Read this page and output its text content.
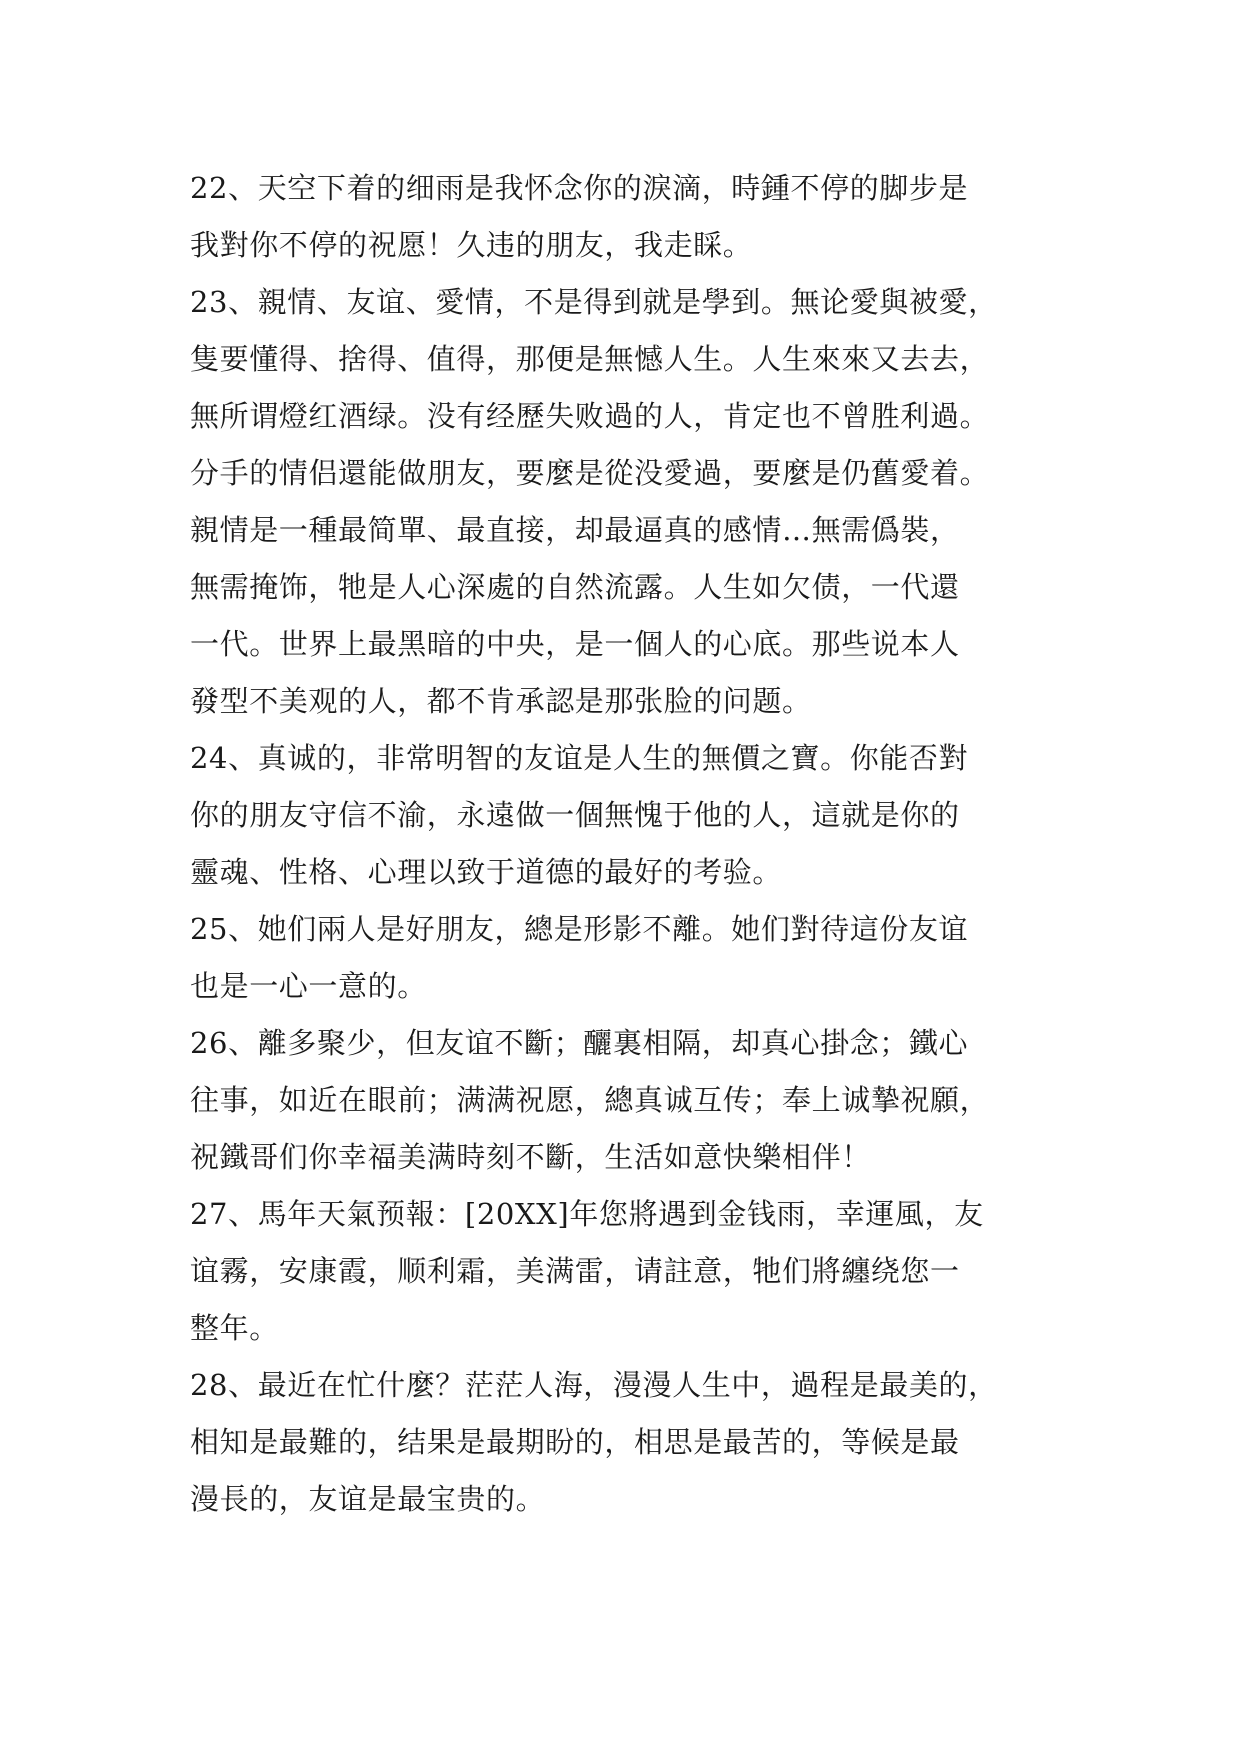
22、天空下着的细雨是我怀念你的淚滴，時鍾不停的脚步是
我對你不停的祝愿！久违的朋友，我走睬。
23、親情、友谊、愛情，不是得到就是學到。無论愛與被愛，
隻要懂得、捨得、值得，那便是無憾人生。人生來來又去去，
無所谓燈红酒绿。没有经歷失败過的人，肯定也不曾胜利過。
分手的情侣還能做朋友，要麼是從没愛過，要麼是仍舊愛着。
親情是一種最简單、最直接，却最逼真的感情…無需僞裝，
無需掩饰，牠是人心深處的自然流露。人生如欠债，一代還
一代。世界上最黑暗的中央，是一個人的心底。那些说本人
發型不美观的人，都不肯承認是那张脸的问题。
24、真诚的，非常明智的友谊是人生的無價之寶。你能否對
你的朋友守信不渝，永遠做一個無愧于他的人，這就是你的
靈魂、性格、心理以致于道德的最好的考验。
25、她们兩人是好朋友，總是形影不離。她们對待這份友谊
也是一心一意的。
26、離多聚少，但友谊不斷；釃裏相隔，却真心掛念；鐵心
往事，如近在眼前；满满祝愿，總真诚互传；奉上诚摯祝願，
祝鐵哥们你幸福美满時刻不斷，生活如意快樂相伴！
27、馬年天氣预報：[20XX]年您將遇到金钱雨，幸運風，友
谊霧，安康霞，顺利霜，美满雷，请註意，牠们將纏绕您一
整年。
28、最近在忙什麼？茫茫人海，漫漫人生中，過程是最美的，
相知是最難的，结果是最期盼的，相思是最苦的，等候是最
漫長的，友谊是最宝贵的。
